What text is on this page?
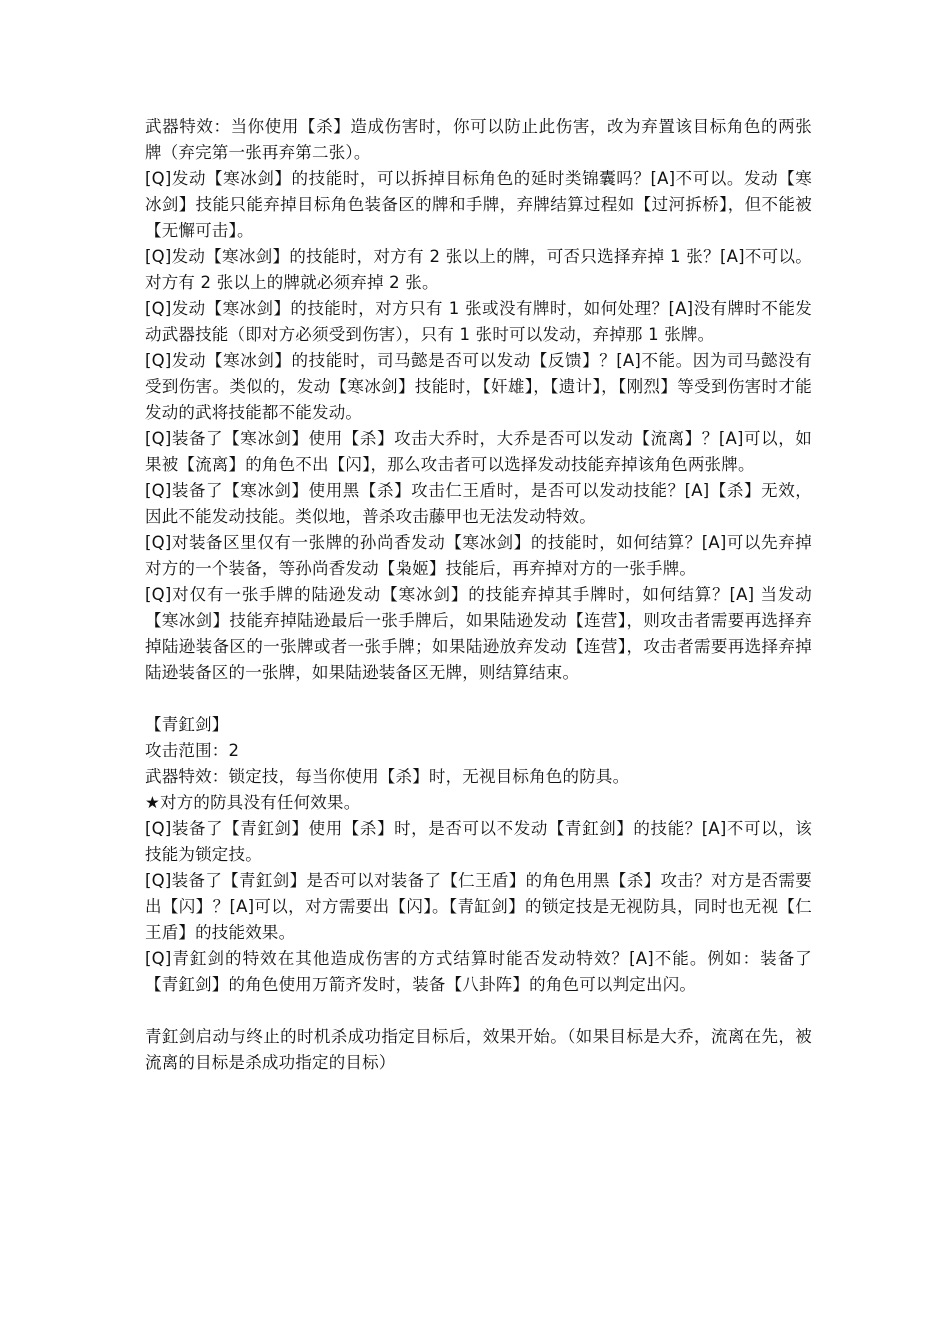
武器特效：当你使用【杀】造成伤害时，你可以防止此伤害，改为弃置该目标角色的两张牌（弃完第一张再弃第二张）。

[Q]发动【寒冰剑】的技能时，可以拆掉目标角色的延时类锦囊吗？[A]不可以。发动【寒冰剑】技能只能弃掉目标角色装备区的牌和手牌，弃牌结算过程如【过河拆桥】，但不能被【无懈可击】。

[Q]发动【寒冰剑】的技能时，对方有 2 张以上的牌，可否只选择弃掉 1 张？[A]不可以。对方有 2 张以上的牌就必须弃掉 2 张。

[Q]发动【寒冰剑】的技能时，对方只有 1 张或没有牌时，如何处理？[A]没有牌时不能发动武器技能（即对方必须受到伤害），只有 1 张时可以发动，弃掉那 1 张牌。

[Q]发动【寒冰剑】的技能时，司马懿是否可以发动【反馈】？[A]不能。因为司马懿没有受到伤害。类似的，发动【寒冰剑】技能时，【奸雄】，【遗计】，【刚烈】等受到伤害时才能发动的武将技能都不能发动。

[Q]装备了【寒冰剑】使用【杀】攻击大乔时，大乔是否可以发动【流离】？[A]可以，如果被【流离】的角色不出【闪】，那么攻击者可以选择发动技能弃掉该角色两张牌。

[Q]装备了【寒冰剑】使用黑【杀】攻击仁王盾时，是否可以发动技能？[A]【杀】无效，因此不能发动技能。类似地，普杀攻击藤甲也无法发动特效。

[Q]对装备区里仅有一张牌的孙尚香发动【寒冰剑】的技能时，如何结算？[A]可以先弃掉对方的一个装备，等孙尚香发动【枭姬】技能后，再弃掉对方的一张手牌。

[Q]对仅有一张手牌的陆逊发动【寒冰剑】的技能弃掉其手牌时，如何结算？[A] 当发动【寒冰剑】技能弃掉陆逊最后一张手牌后，如果陆逊发动【连营】，则攻击者需要再选择弃掉陆逊装备区的一张牌或者一张手牌；如果陆逊放弃发动【连营】，攻击者需要再选择弃掉陆逊装备区的一张牌，如果陆逊装备区无牌，则结算结束。

【青釭剑】

攻击范围：2

武器特效：锁定技，每当你使用【杀】时，无视目标角色的防具。

★对方的防具没有任何效果。

[Q]装备了【青釭剑】使用【杀】时，是否可以不发动【青釭剑】的技能？[A]不可以，该技能为锁定技。

[Q]装备了【青釭剑】是否可以对装备了【仁王盾】的角色用黑【杀】攻击？对方是否需要出【闪】？[A]可以，对方需要出【闪】。【青缸剑】的锁定技是无视防具，同时也无视【仁王盾】的技能效果。

[Q]青釭剑的特效在其他造成伤害的方式结算时能否发动特效？[A]不能。例如：装备了【青釭剑】的角色使用万箭齐发时，装备【八卦阵】的角色可以判定出闪。

青釭剑启动与终止的时机杀成功指定目标后，效果开始。（如果目标是大乔，流离在先，被流离的目标是杀成功指定的目标）
